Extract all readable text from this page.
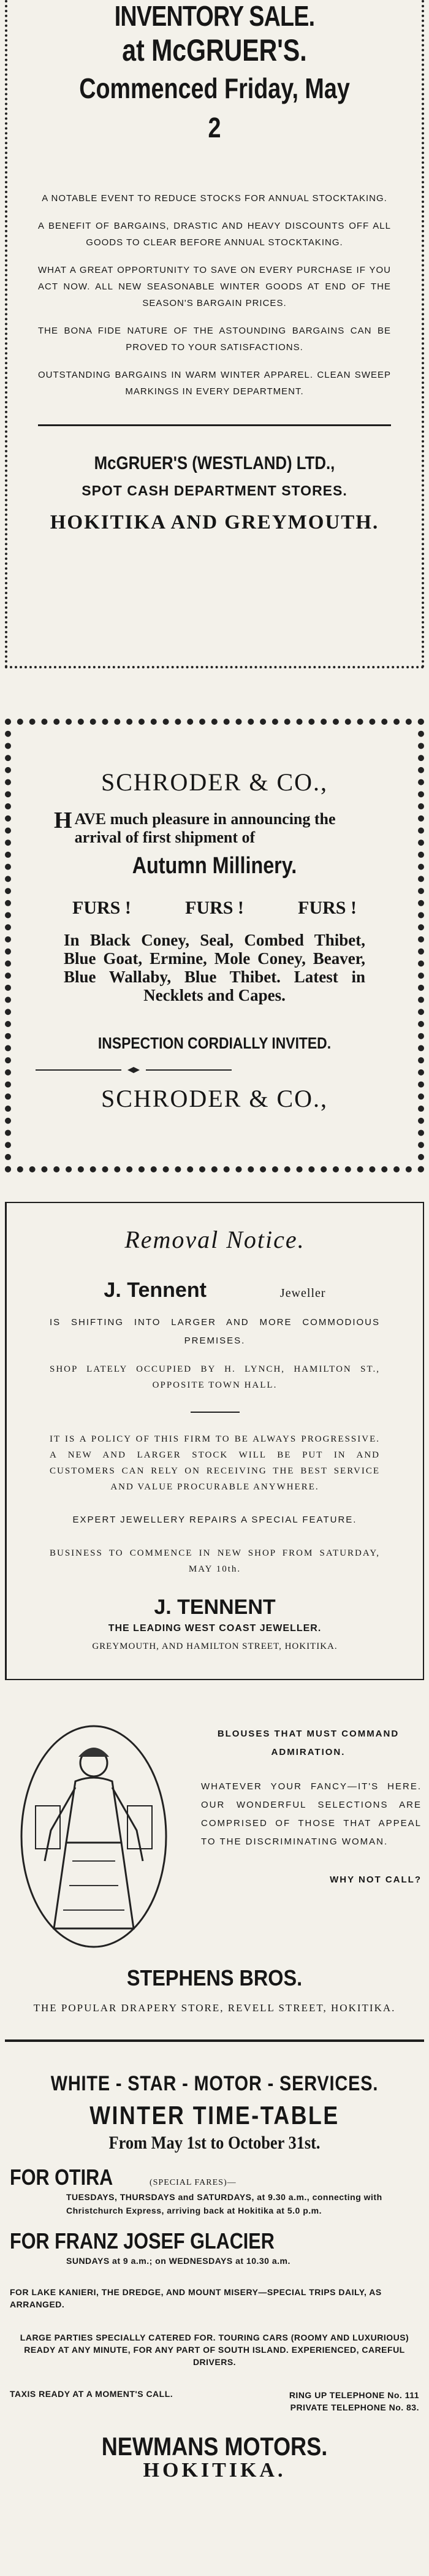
INVENTORY SALE.
at McGRUER'S.
Commenced Friday, May 2

A NOTABLE EVENT TO REDUCE STOCKS FOR ANNUAL STOCKTAKING.

A BENEFIT OF BARGAINS, DRASTIC AND HEAVY DISCOUNTS OFF ALL GOODS TO CLEAR BEFORE ANNUAL STOCKTAKING.

WHAT A GREAT OPPORTUNITY TO SAVE ON EVERY PURCHASE IF YOU ACT NOW. ALL NEW SEASONABLE WINTER GOODS AT END OF THE SEASON'S BARGAIN PRICES.

THE BONA FIDE NATURE OF THE ASTOUNDING BARGAINS CAN BE PROVED TO YOUR SATISFACTIONS.

OUTSTANDING BARGAINS IN WARM WINTER APPAREL. CLEAN SWEEP MARKINGS IN EVERY DEPARTMENT.

McGRUER'S (WESTLAND) LTD.,
SPOT CASH DEPARTMENT STORES.
HOKITIKA AND GREYMOUTH.
SCHRODER & CO.,
H AVE much pleasure in announcing the arrival of first shipment of
Autumn Millinery.
FURS !	FURS !	FURS !
In Black Coney, Seal, Combed Thibet, Blue Goat, Ermine, Mole Coney, Beaver, Blue Wallaby, Blue Thibet. Latest in Necklets and Capes.
INSPECTION CORDIALLY INVITED.
SCHRODER & CO.,
Removal Notice.
J. Tennent	Jeweller
IS SHIFTING INTO LARGER AND MORE COMMODIOUS PREMISES.
SHOP LATELY OCCUPIED BY H. LYNCH, HAMILTON ST., OPPOSITE TOWN HALL.
IT IS A POLICY OF THIS FIRM TO BE ALWAYS PROGRESSIVE. A NEW AND LARGER STOCK WILL BE PUT IN AND CUSTOMERS CAN RELY ON RECEIVING THE BEST SERVICE AND VALUE PROCURABLE ANYWHERE.
EXPERT JEWELLERY REPAIRS A SPECIAL FEATURE.
BUSINESS TO COMMENCE IN NEW SHOP FROM SATURDAY, MAY 10th.
J. TENNENT
THE LEADING WEST COAST JEWELLER.
GREYMOUTH, AND HAMILTON STREET, HOKITIKA.
BLOUSES THAT MUST COMMAND ADMIRATION.
WHATEVER YOUR FANCY—IT'S HERE. OUR WONDERFUL SELECTIONS ARE COMPRISED OF THOSE THAT APPEAL TO THE DISCRIMINATING WOMAN.
WHY NOT CALL?
STEPHENS BROS.
THE POPULAR DRAPERY STORE, REVELL STREET, HOKITIKA.
WHITE - STAR - MOTOR - SERVICES.
WINTER TIME-TABLE
From May 1st to October 31st.
FOR OTIRA	(SPECIAL FARES)—
TUESDAYS, THURSDAYS and SATURDAYS, at 9.30 a.m., connecting with Christchurch Express, arriving back at Hokitika at 5.0 p.m.
FOR FRANZ JOSEF GLACIER
SUNDAYS at 9 a.m.; on WEDNESDAYS at 10.30 a.m.
FOR LAKE KANIERI, THE DREDGE, AND MOUNT MISERY—SPECIAL TRIPS DAILY, AS ARRANGED.
LARGE PARTIES SPECIALLY CATERED FOR. TOURING CARS (ROOMY AND LUXURIOUS) READY AT ANY MINUTE, FOR ANY PART OF SOUTH ISLAND. EXPERIENCED, CAREFUL DRIVERS.
TAXIS READY AT A MOMENT'S CALL.	RING UP TELEPHONE No. 111
PRIVATE TELEPHONE No. 83.
NEWMANS MOTORS.
HOKITIKA.
